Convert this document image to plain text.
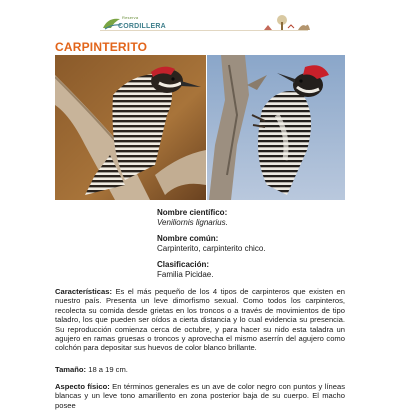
Reserva
CORDILLERA
CARPINTERITO
Nombre científico:
Veniliornis lignarius.
Nombre común:
Carpinterito, carpinterito chico.
Clasificación:
Familia Picidae.
Características: Es el más pequeño de los 4 tipos de carpinteros que existen en nuestro país. Presenta un leve dimorfismo sexual. Como todos los carpinteros, recolecta su comida desde grietas en los troncos o a través de movimientos de tipo taladro, los que pueden ser oídos a cierta distancia y lo cual evidencia su presencia. Su reproducción comienza cerca de octubre, y para hacer su nido esta taladra un agujero en ramas gruesas o troncos y aprovecha el mismo aserrín del agujero como colchón para depositar sus huevos de color blanco brillante.
Tamaño: 18 a 19 cm.
Aspecto físico: En términos generales es un ave de color negro con puntos y líneas blancas y un leve tono amarillento en zona posterior baja de su cuerpo. El macho posee
